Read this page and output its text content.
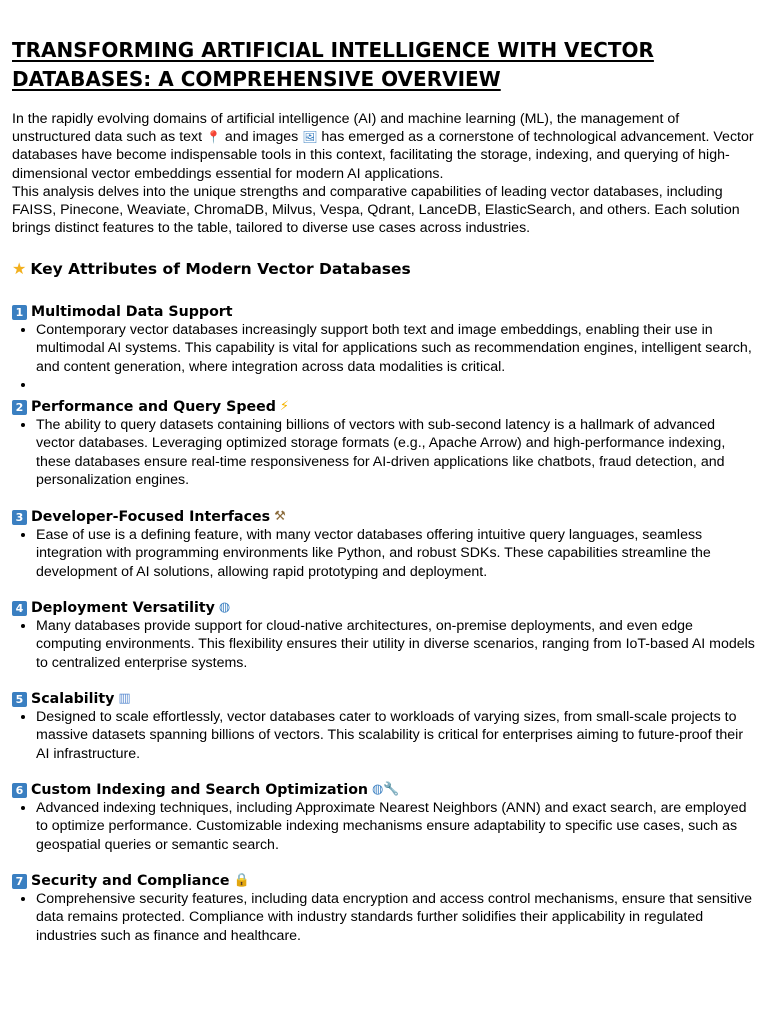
TRANSFORMING ARTIFICIAL INTELLIGENCE WITH VECTOR DATABASES: A COMPREHENSIVE OVERVIEW

In the rapidly evolving domains of artificial intelligence (AI) and machine learning (ML), the management of unstructured data such as text 📍 and images 🖼 has emerged as a cornerstone of technological advancement. Vector databases have become indispensable tools in this context, facilitating the storage, indexing, and querying of high-dimensional vector embeddings essential for modern AI applications.

This analysis delves into the unique strengths and comparative capabilities of leading vector databases, including FAISS, Pinecone, Weaviate, ChromaDB, Milvus, Vespa, Qdrant, LanceDB, ElasticSearch, and others. Each solution brings distinct features to the table, tailored to diverse use cases across industries.

★ Key Attributes of Modern Vector Databases
1 Multimodal Data Support
• Contemporary vector databases increasingly support both text and image embeddings, enabling their use in multimodal AI systems. This capability is vital for applications such as recommendation engines, intelligent search, and content generation, where integration across data modalities is critical.
•
2 Performance and Query Speed ⚡
• The ability to query datasets containing billions of vectors with sub-second latency is a hallmark of advanced vector databases. Leveraging optimized storage formats (e.g., Apache Arrow) and high-performance indexing, these databases ensure real-time responsiveness for AI-driven applications like chatbots, fraud detection, and personalization engines.
3 Developer-Focused Interfaces ⚒
• Ease of use is a defining feature, with many vector databases offering intuitive query languages, seamless integration with programming environments like Python, and robust SDKs. These capabilities streamline the development of AI solutions, allowing rapid prototyping and deployment.
4 Deployment Versatility ◍
• Many databases provide support for cloud-native architectures, on-premise deployments, and even edge computing environments. This flexibility ensures their utility in diverse scenarios, ranging from IoT-based AI models to centralized enterprise systems.
5 Scalability ▥
• Designed to scale effortlessly, vector databases cater to workloads of varying sizes, from small-scale projects to massive datasets spanning billions of vectors. This scalability is critical for enterprises aiming to future-proof their AI infrastructure.
6 Custom Indexing and Search Optimization ◍ 🔧
• Advanced indexing techniques, including Approximate Nearest Neighbors (ANN) and exact search, are employed to optimize performance. Customizable indexing mechanisms ensure adaptability to specific use cases, such as geospatial queries or semantic search.
7 Security and Compliance 🔒
• Comprehensive security features, including data encryption and access control mechanisms, ensure that sensitive data remains protected. Compliance with industry standards further solidifies their applicability in regulated industries such as finance and healthcare.
